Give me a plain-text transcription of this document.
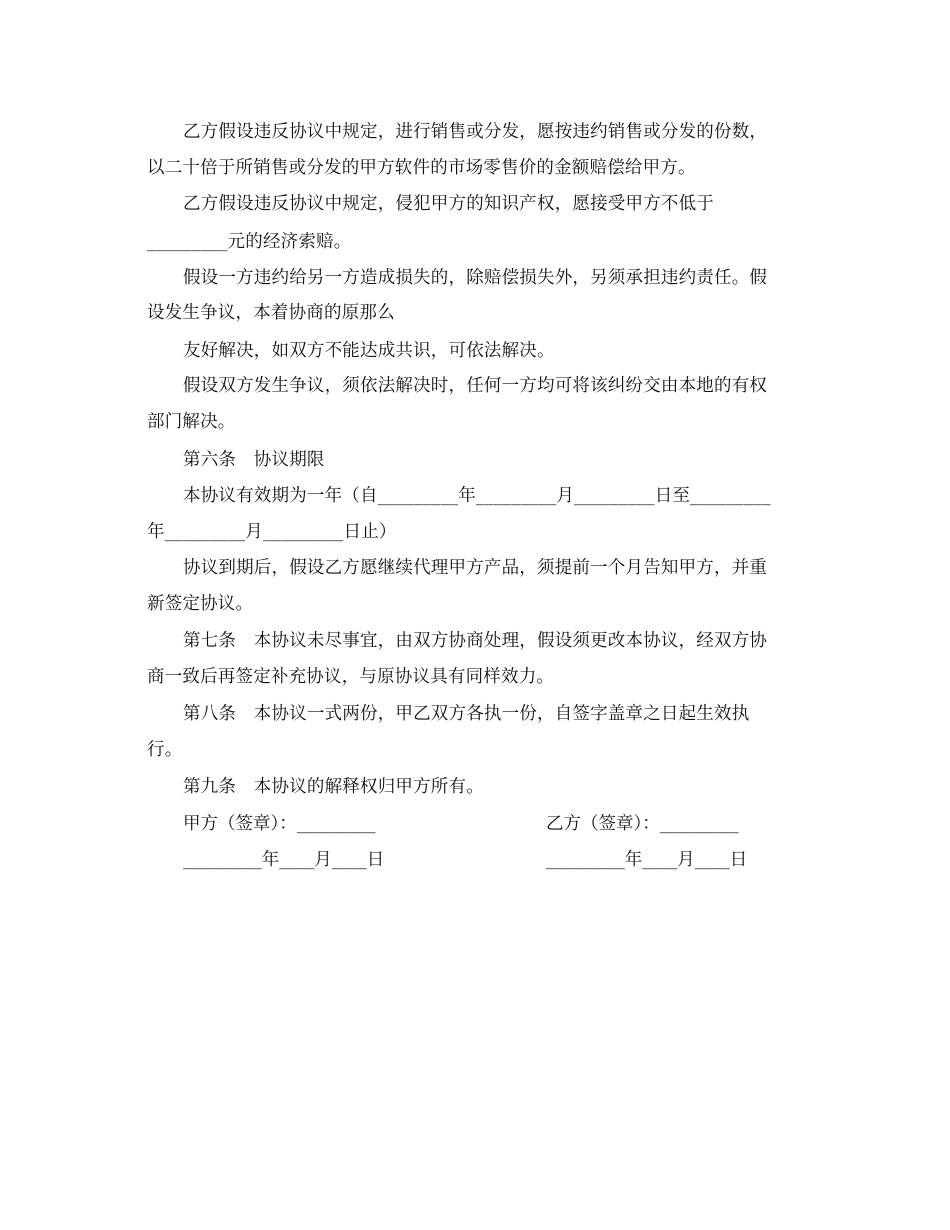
乙方假设违反协议中规定，进行销售或分发，愿按违约销售或分发的份数，
以二十倍于所销售或分发的甲方软件的市场零售价的金额赔偿给甲方。
乙方假设违反协议中规定，侵犯甲方的知识产权，愿接受甲方不低于
_________元的经济索赔。
假设一方违约给另一方造成损失的，除赔偿损失外，另须承担违约责任。假
设发生争议，本着协商的原那么
友好解决，如双方不能达成共识，可依法解决。
假设双方发生争议，须依法解决时，任何一方均可将该纠纷交由本地的有权
部门解决。
第六条　协议期限
本协议有效期为一年（自_________年_________月_________日至_________
年_________月_________日止）
协议到期后，假设乙方愿继续代理甲方产品，须提前一个月告知甲方，并重
新签定协议。
第七条　本协议未尽事宜，由双方协商处理，假设须更改本协议，经双方协
商一致后再签定补充协议，与原协议具有同样效力。
第八条　本协议一式两份，甲乙双方各执一份，自签字盖章之日起生效执
行。
第九条　本协议的解释权归甲方所有。
甲方（签章）：_________
_________年____月____日
乙方（签章）：_________
_________年____月____日
